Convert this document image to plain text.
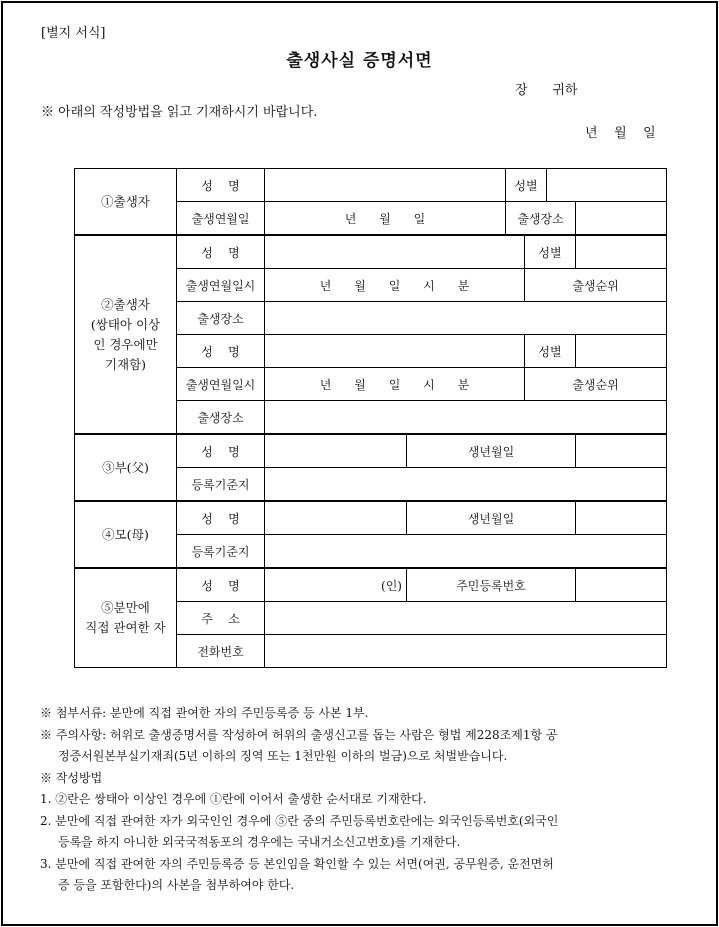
[별지 서식]
출생사실 증명서면
장      귀하
※ 아래의 작성방법을 읽고 기재하시기 바랍니다.
년    월    일
①출생자	성    명			성별				
	출생연월일	년      월      일		출생장소				
②출생자
(쌍태아 이상
인 경우에만
기재함)	성    명				성별			
	출생연월일시	년      월      일      시      분			출생순위			
	출생장소							
	성    명				성별			
	출생연월일시	년      월      일      시      분			출생순위			
	출생장소							
③부(父)	성    명		생년월일					
	등록기준지							
④모(母)	성    명		생년월일					
	등록기준지							
⑤분만에
직접 관여한 자	성    명	(인)	주민등록번호					
	주    소							
	전화번호							
※ 첨부서류: 분만에 직접 관여한 자의 주민등록증 등 사본 1부.
※ 주의사항: 허위로 출생증명서를 작성하여 허위의 출생신고를 돕는 사람은 형법 제228조제1항 공
정증서원본부실기재죄(5년 이하의 징역 또는 1천만원 이하의 벌금)으로 처벌받습니다.
※ 작성방법
1. ②란은 쌍태아 이상인 경우에 ①란에 이어서 출생한 순서대로 기재한다.
2. 분만에 직접 관여한 자가 외국인인 경우에 ⑤란 중의 주민등록번호란에는 외국인등록번호(외국인
등록을 하지 아니한 외국국적동포의 경우에는 국내거소신고번호)를 기재한다.
3. 분만에 직접 관여한 자의 주민등록증 등 본인임을 확인할 수 있는 서면(여권, 공무원증, 운전면허
증 등을 포함한다)의 사본을 첨부하여야 한다.
